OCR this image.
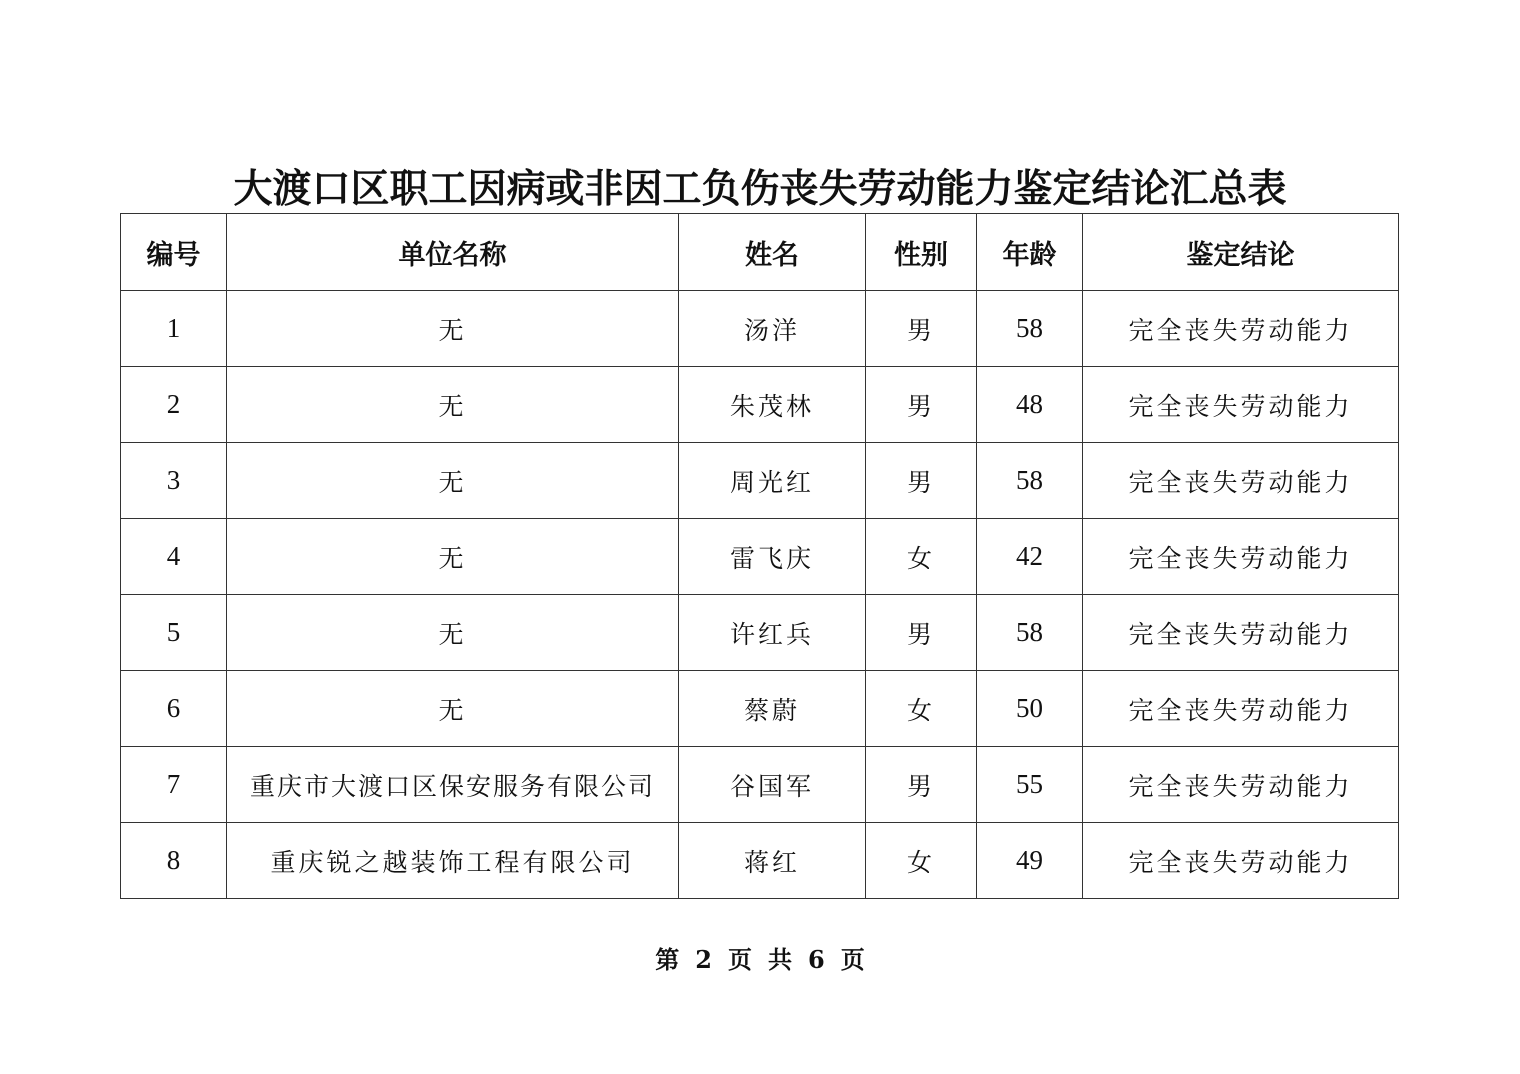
大渡口区职工因病或非因工负伤丧失劳动能力鉴定结论汇总表
编号	单位名称	姓名	性别	年龄	鉴定结论
1	无	汤洋	男	58	完全丧失劳动能力
2	无	朱茂林	男	48	完全丧失劳动能力
3	无	周光红	男	58	完全丧失劳动能力
4	无	雷飞庆	女	42	完全丧失劳动能力
5	无	许红兵	男	58	完全丧失劳动能力
6	无	蔡蔚	女	50	完全丧失劳动能力
7	重庆市大渡口区保安服务有限公司	谷国军	男	55	完全丧失劳动能力
8	重庆锐之越装饰工程有限公司	蒋红	女	49	完全丧失劳动能力
第 2 页 共 6 页
